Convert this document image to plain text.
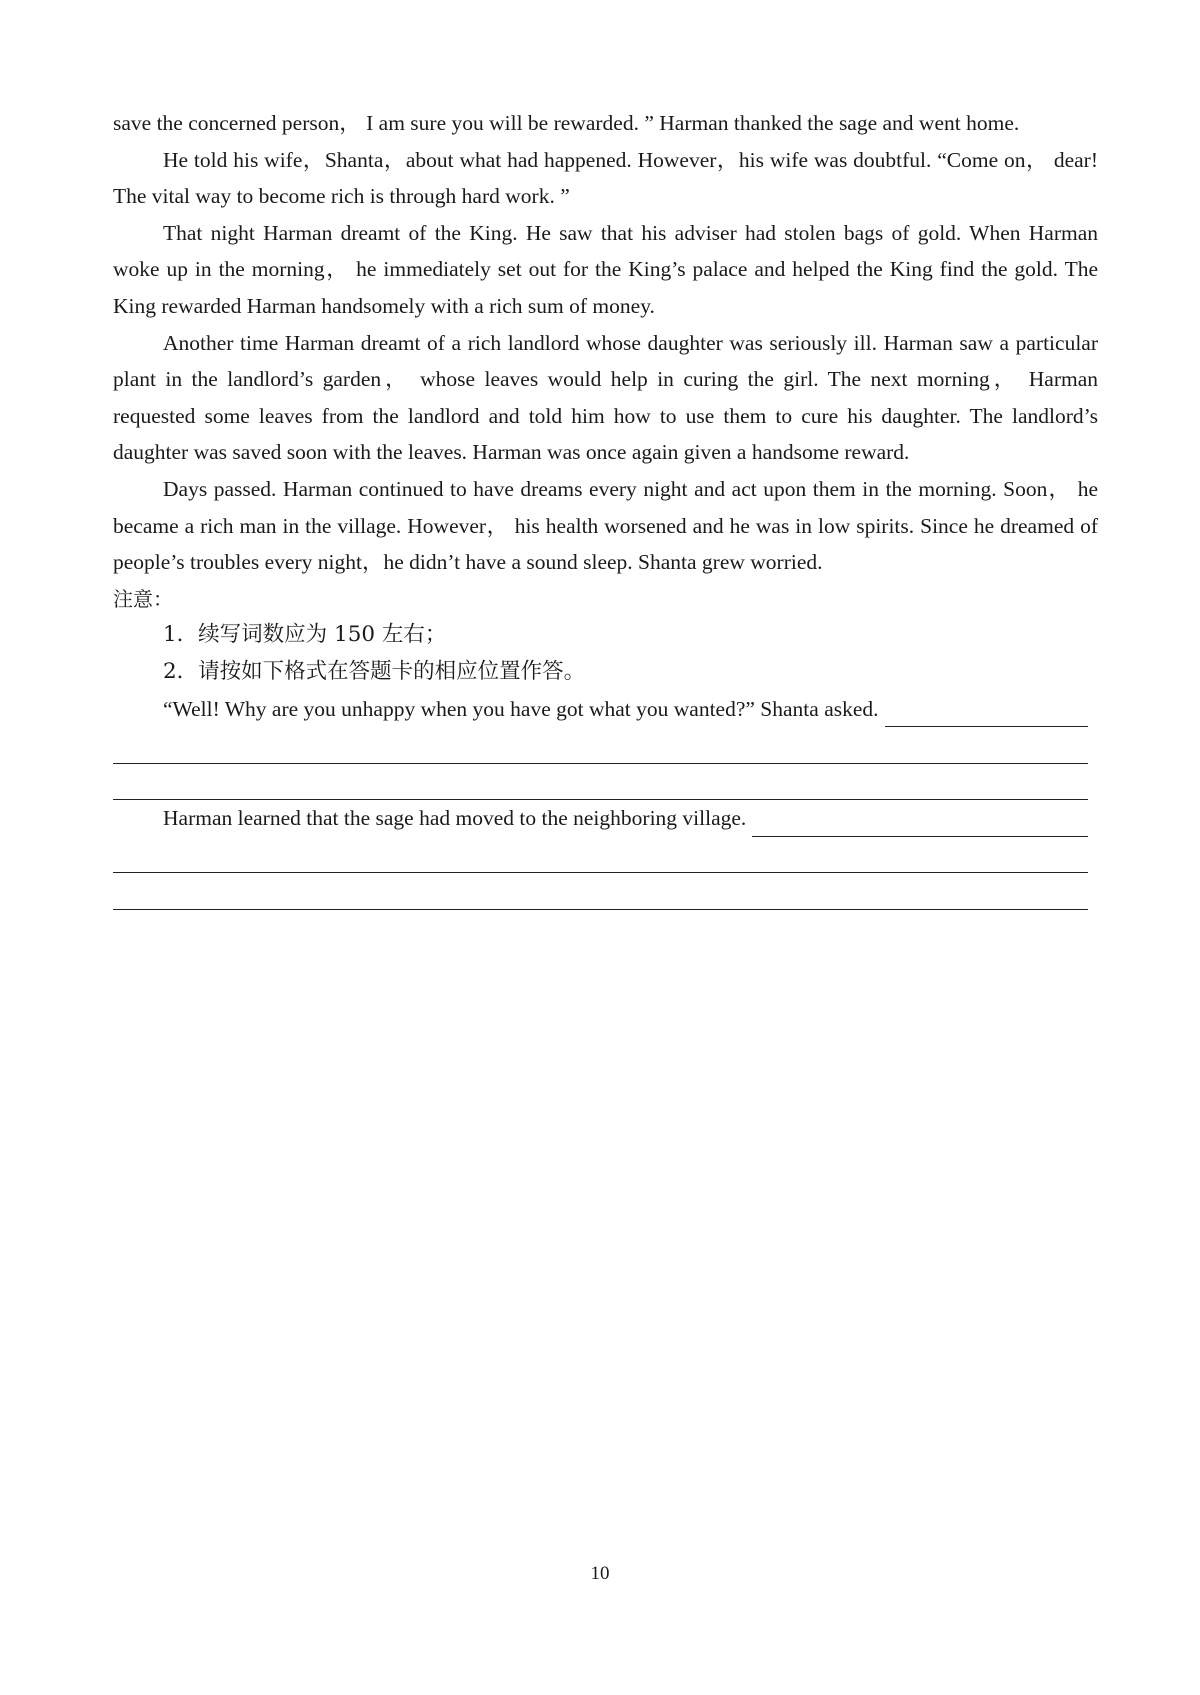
save the concerned person， I am sure you will be rewarded. ” Harman thanked the sage and went home.

He told his wife，Shanta，about what had happened. However，his wife was doubtful. “Come on， dear! The vital way to become rich is through hard work. ”

That night Harman dreamt of the King. He saw that his adviser had stolen bags of gold. When Harman woke up in the morning， he immediately set out for the King’s palace and helped the King find the gold. The King rewarded Harman handsomely with a rich sum of money.

Another time Harman dreamt of a rich landlord whose daughter was seriously ill. Harman saw a particular plant in the landlord’s garden， whose leaves would help in curing the girl. The next morning， Harman requested some leaves from the landlord and told him how to use them to cure his daughter. The landlord’s daughter was saved soon with the leaves. Harman was once again given a handsome reward.

Days passed. Harman continued to have dreams every night and act upon them in the morning. Soon， he became a rich man in the village. However， his health worsened and he was in low spirits. Since he dreamed of people’s troubles every night，he didn’t have a sound sleep. Shanta grew worried.

注意：

1．续写词数应为 150 左右；

2．请按如下格式在答题卡的相应位置作答。

“Well! Why are you unhappy when you have got what you wanted?” Shanta asked.
Harman learned that the sage had moved to the neighboring village.
10
